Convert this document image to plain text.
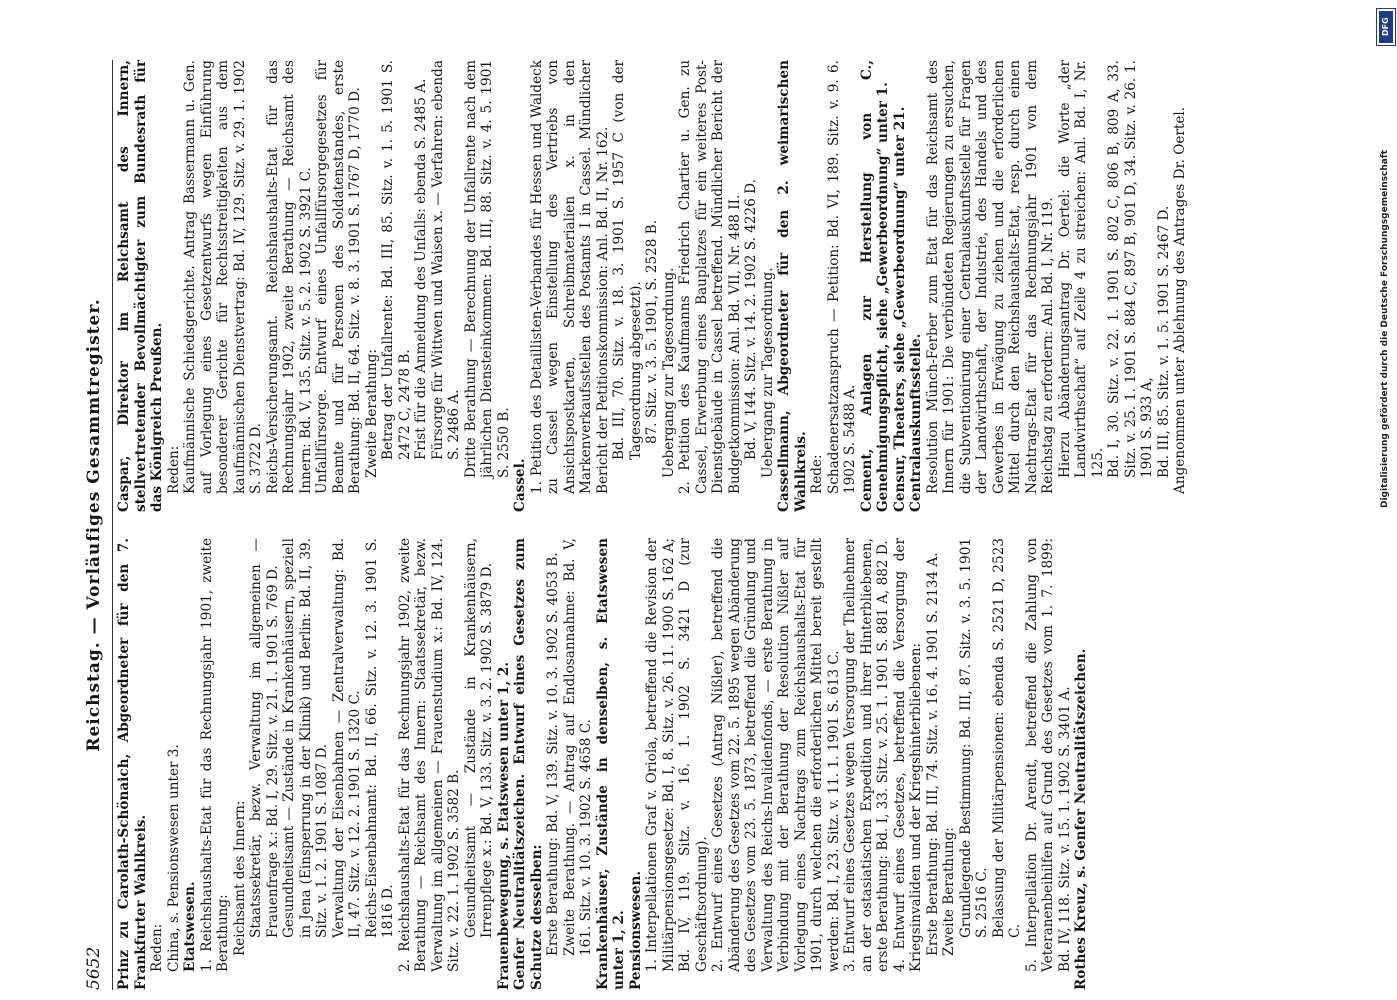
5652
Reichstag. — Vorläufiges Gesammtregister.

Prinz zu Carolath-Schönaich, Abgeordneter für den 7. Frankfurter Wahlkreis. Reden: China, s. Pensionswesen unter 3. Etatswesen. 1. Reichshaushalts-Etat für das Rechnungsjahr 1901, zweite Berathung: Reichsamt des Innern: Staatssekretär, bezw. Verwaltung im allgemeinen — Frauenfrage x.: Bd. I, 29. Sitz. v. 21. 1. 1901 S. 769 D. Gesundheitsamt — Zustände in Krankenhäusern, speziell in Jena (Einsperrung in der Klinik) und Berlin: Bd. II, 39. Sitz. v. 1. 2. 1901 S. 1087 D. Verwaltung der Eisenbahnen — Zentralverwaltung: Bd. II, 47. Sitz. v. 12. 2. 1901 S. 1320 C. Reichs-Eisenbahnamt: Bd. II, 66. Sitz. v. 12. 3. 1901 S. 1816 D. 2. Reichshaushalts-Etat für das Rechnungsjahr 1902, zweite Berathung — Reichsamt des Innern: Staatssekretär, bezw. Verwaltung im allgemeinen — Frauenstudium x.: Bd. IV, 124. Sitz. v. 22. 1. 1902 S. 3582 B. Gesundheitsamt — Zustände in Krankenhäusern, Irrenpflege x.: Bd. V, 133. Sitz. v. 3. 2. 1902 S. 3879 D. Frauenbewegung, s. Etatswesen unter 1, 2. Genfer Neutralitätszeichen. Entwurf eines Gesetzes zum Schutze desselben: Erste Berathung: Bd. V, 139. Sitz. v. 10. 3. 1902 S. 4053 B. Zweite Berathung. — Antrag auf Endlosannahme: Bd. V, 161. Sitz. v. 10. 3. 1902 S. 4658 C. Krankenhäuser, Zustände in denselben, s. Etatswesen unter 1, 2. Pensionswesen. 1. Interpellationen Graf v. Oriola, betreffend die Revision der Militärpensionsgesetze: Bd. I, 8. Sitz. v. 26. 11. 1900 S. 162 A; Bd. IV, 119. Sitz. v. 16. 1. 1902 S. 3421 D (zur Geschäftsordnung). 2. Entwurf eines Gesetzes (Antrag Nißler), betreffend die Abänderung des Gesetzes vom 22. 5. 1895 wegen Abänderung des Gesetzes vom 23. 5. 1873, betreffend die Gründung und Verwaltung des Reichs-Invalidenfonds, — erste Berathung in Verbindung mit der Berathung der Resolution Nißler auf Vorlegung eines Nachtrags zum Reichshaushalts-Etat für 1901, durch welchen die erforderlichen Mittel bereit gestellt werden: Bd. I, 23. Sitz. v. 11. 1. 1901 S. 613 C. 3. Entwurf eines Gesetzes wegen Versorgung der Theilnehmer an der ostasiatischen Expedition und ihrer Hinterbliebenen, erste Berathung: Bd. I, 33. Sitz. v. 25. 1. 1901 S. 881 A, 882 D. 4. Entwurf eines Gesetzes, betreffend die Versorgung der Kriegsinvaliden und der Kriegshinterbliebenen: Erste Berathung: Bd. III, 74. Sitz. v. 16. 4. 1901 S. 2134 A. Zweite Berathung: Grundlegende Bestimmung: Bd. III, 87. Sitz. v. 3. 5. 1901 S. 2516 C. Belassung der Militärpensionen: ebenda S. 2521 D, 2523 C. 5. Interpellation Dr. Arendt, betreffend die Zahlung von Veteranenbeihilfen auf Grund des Gesetzes vom 1. 7. 1899: Bd. IV, 118. Sitz. v. 15. 1. 1902 S. 3401 A. Rothes Kreuz, s. Genfer Neutralitätszeichen.

Caspar, Direktor im Reichsamt des Innern, stellvertretender Bevollmächtigter zum Bundesrath für das Königreich Preußen. Reden: Kaufmännische Schiedsgerichte. Antrag Bassermann u. Gen. auf Vorlegung eines Gesetzentwurfs wegen Einführung besonderer Gerichte für Rechtsstreitigkeiten aus dem kaufmännischen Dienstvertrag: Bd. IV, 129. Sitz. v. 29. 1. 1902 S. 3722 D. Reichs-Versicherungsamt. Reichshaushalts-Etat für das Rechnungsjahr 1902, zweite Berathung — Reichsamt des Innern: Bd. V, 135. Sitz. v. 5. 2. 1902 S. 3921 C. Unfallfürsorge. Entwurf eines Unfallfürsorgegesetzes für Beamte und für Personen des Soldatenstandes, erste Berathung: Bd. II, 64. Sitz. v. 8. 3. 1901 S. 1767 D, 1770 D. Zweite Berathung: Betrag der Unfallrente: Bd. III, 85. Sitz. v. 1. 5. 1901 S. 2472 C, 2478 B. Frist für die Anmeldung des Unfalls: ebenda S. 2485 A. Fürsorge für Wittwen und Waisen x. — Verfahren: ebenda S. 2486 A. Dritte Berathung — Berechnung der Unfallrente nach dem jährlichen Diensteinkommen: Bd. III, 88. Sitz. v. 4. 5. 1901 S. 2550 B.

Cassel. 1. Petition des Detaillisten-Verbandes für Hessen und Waldeck zu Cassel wegen Einstellung des Vertriebs von Ansichtspostkarten, Schreibmaterialien x. in den Markenverkaufsstellen des Postamts I in Cassel. Mündlicher Bericht der Petitionskommission: Anl. Bd. II, Nr. 162. Bd. III, 70. Sitz. v. 18. 3. 1901 S. 1957 C (von der Tagesordnung abgesetzt). 87. Sitz. v. 3. 5. 1901, S. 2528 B. Uebergang zur Tagesordnung. 2. Petition des Kaufmanns Friedrich Chartier u. Gen. zu Cassel, Erwerbung eines Bauplatzes für ein weiteres Post-Dienstgebäude in Cassel betreffend. Mündlicher Bericht der Budgetkommission: Anl. Bd. VII, Nr. 488 II. Bd. V, 144. Sitz. v. 14. 2. 1902 S. 4226 D. Uebergang zur Tagesordnung. Cassellmann, Abgeordneter für den 2. weimarischen Wahlkreis. Rede: Schadenersatzanspruch — Petition: Bd. VI, 189. Sitz. v. 9. 6. 1902 S. 5488 A. Cement, Anlagen zur Herstellung von C., Genehmigungspflicht, siehe „Gewerbeordnung“ unter 1. Censur, Theaters, siehe „Gewerbeordnung“ unter 21. Centralauskunftsstelle. Resolution Münch-Ferber zum Etat für das Reichsamt des Innern für 1901: Die verbündeten Regierungen zu ersuchen, die Subventionirung einer Centralauskunftsstelle für Fragen der Landwirthschaft, der Industrie, des Handels und des Gewerbes in Erwägung zu ziehen und die erforderlichen Mittel durch den Reichshaushalts-Etat, resp. durch einen Nachtrags-Etat für das Rechnungsjahr 1901 von dem Reichstag zu erfordern: Anl. Bd. I, Nr. 119. Hierzu Abänderungsantrag Dr. Oertel: die Worte „der Landwirthschaft“ auf Zeile 4 zu streichen: Anl. Bd. I, Nr. 125. Bd. I, 30. Sitz. v. 22. 1. 1901 S. 802 C, 806 B, 809 A, 33. Sitz. v. 25. 1. 1901 S. 884 C, 897 B, 901 D, 34. Sitz. v. 26. 1. 1901 S. 933 A, Bd. III, 85. Sitz. v. 1. 5. 1901 S. 2467 D. Angenommen unter Ablehnung des Antrages Dr. Oertel.

DFG
Digitalisierung gefördert durch die Deutsche Forschungsgemeinschaft
